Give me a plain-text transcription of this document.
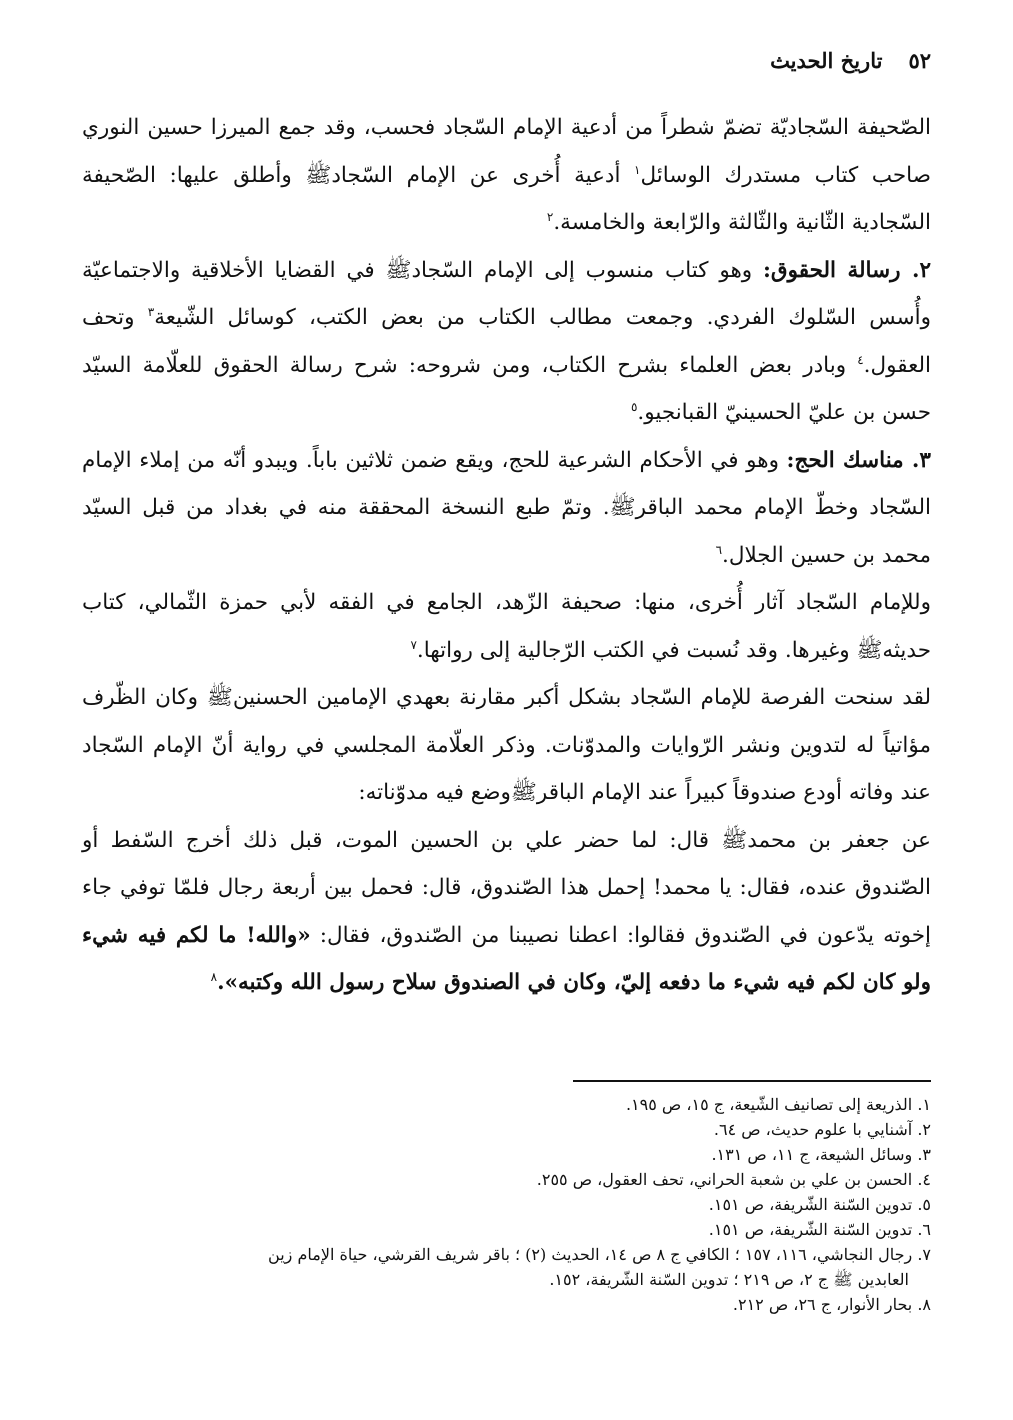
٥٢
تاريخ الحديث

الصّحيفة السّجاديّة تضمّ شطراً من أدعية الإمام السّجاد فحسب، وقد جمع الميرزا حسين النوري صاحب كتاب مستدرك الوسائل$^١$ أدعية أُخرى عن الإمام السّجادﷺ وأطلق عليها: الصّحيفة السّجادية الثّانية والثّالثة والرّابعة والخامسة.$^٢$

٢. رسالة الحقوق: وهو كتاب منسوب إلى الإمام السّجادﷺ في القضايا الأخلاقية والاجتماعيّة وأُسس السّلوك الفردي. وجمعت مطالب الكتاب من بعض الكتب، كوسائل الشّيعة$^٣$ وتحف العقول.$^٤$ وبادر بعض العلماء بشرح الكتاب، ومن شروحه: شرح رسالة الحقوق للعلّامة السيّد حسن بن عليّ الحسينيّ القبانجيو.$^٥$

٣. مناسك الحج: وهو في الأحكام الشرعية للحج، ويقع ضمن ثلاثين باباً. ويبدو أنّه من إملاء الإمام السّجاد وخطّ الإمام محمد الباقرﷺ. وتمّ طبع النسخة المحققة منه في بغداد من قبل السيّد محمد بن حسين الجلال.$^٦$

وللإمام السّجاد آثار أُخرى، منها: صحيفة الزّهد، الجامع في الفقه لأبي حمزة الثّمالي، كتاب حديثهﷺ وغيرها. وقد نُسبت في الكتب الرّجالية إلى رواتها.$^٧$

لقد سنحت الفرصة للإمام السّجاد بشكل أكبر مقارنة بعهدي الإمامين الحسنينﷺ وكان الظّرف مؤاتياً له لتدوين ونشر الرّوايات والمدوّنات. وذكر العلّامة المجلسي في رواية أنّ الإمام السّجاد عند وفاته أودع صندوقاً كبيراً عند الإمام الباقرﷺوضع فيه مدوّناته:

عن جعفر بن محمدﷺ قال: لما حضر علي بن الحسين الموت، قبل ذلك أخرج السّفط أو الصّندوق عنده، فقال: يا محمد! إحمل هذا الصّندوق، قال: فحمل بين أربعة رجال فلمّا توفي جاء إخوته يدّعون في الصّندوق فقالوا: اعطنا نصيبنا من الصّندوق، فقال: «والله! ما لكم فيه شيء ولو كان لكم فيه شيء ما دفعه إليّ، وكان في الصندوق سلاح رسول الله وكتبه».$^٨$

١. الذريعة إلى تصانيف الشّيعة، ج ١٥، ص ١٩٥.
٢. آشنايي با علوم حديث، ص ٦٤.
٣. وسائل الشيعة، ج ١١، ص ١٣١.
٤. الحسن بن علي بن شعبة الحراني، تحف العقول، ص ٢٥٥.
٥. تدوين السّنة الشّريفة، ص ١٥١.
٦. تدوين السّنة الشّريفة، ص ١٥١.
٧. رجال النجاشي، ١١٦، ١٥٧ ؛ الكافي ج ٨ ص ١٤، الحديث (٢) ؛ باقر شريف القرشي، حياة الإمام زين
العابدين ﷺ ج ٢، ص ٢١٩ ؛ تدوين السّنة الشّريفة، ١٥٢.
٨. بحار الأنوار، ج ٢٦، ص ٢١٢.
